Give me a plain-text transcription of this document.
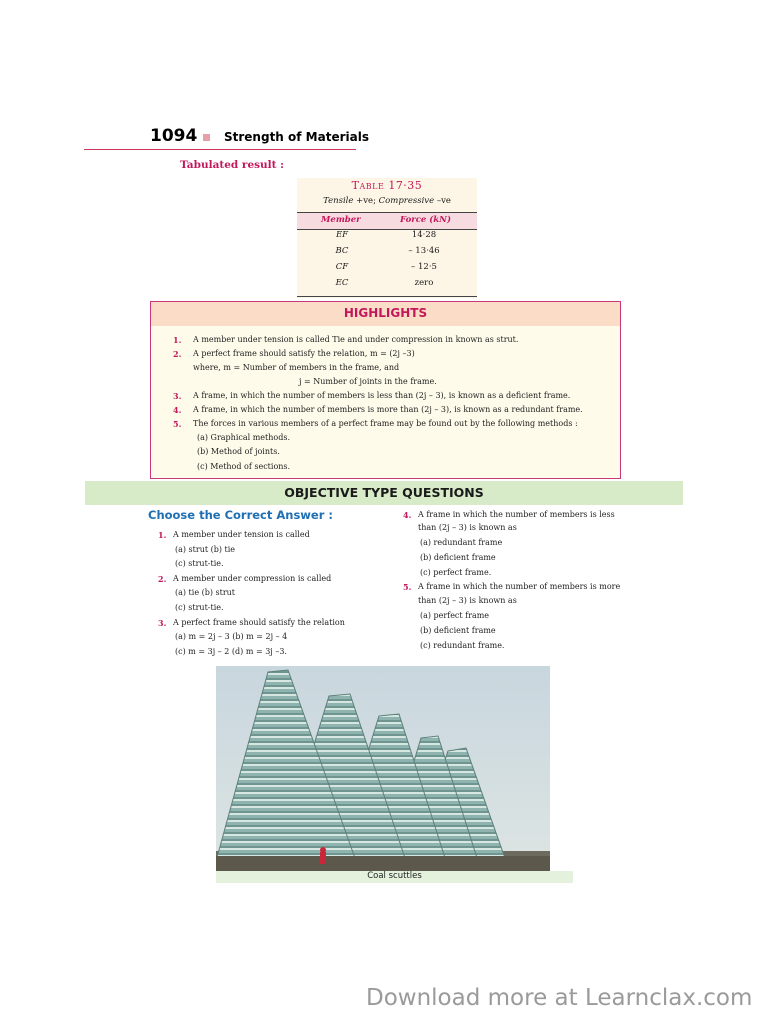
1094 Strength of Materials
Tabulated result :
Table 17·35
Tensile +ve; Compressive –ve
Member	Force (kN)
EF	14·28
BC	– 13·46
CF	– 12·5
EC	zero
HIGHLIGHTS
1. A member under tension is called Tie and under compression in known as strut.
2. A perfect frame should satisfy the relation, m = (2j –3)
where, m = Number of members in the frame, and
j = Number of joints in the frame.
3. A frame, in which the number of members is less than (2j – 3), is known as a deficient frame.
4. A frame, in which the number of members is more than (2j – 3), is known as a redundant frame.
5. The forces in various members of a perfect frame may be found out by the following methods :
(a) Graphical methods.
(b) Method of joints.
(c) Method of sections.
OBJECTIVE TYPE QUESTIONS
Choose the Correct Answer :
1. A member under tension is called
(a) strut (b) tie
(c) strut-tie.
2. A member under compression is called
(a) tie (b) strut
(c) strut-tie.
3. A perfect frame should satisfy the relation
(a) m = 2j – 3 (b) m = 2j – 4
(c) m = 3j – 2 (d) m = 3j –3.
4. A frame in which the number of members is less
than (2j – 3) is known as
(a) redundant frame
(b) deficient frame
(c) perfect frame.
5. A frame in which the number of members is more
than (2j – 3) is known as
(a) perfect frame
(b) deficient frame
(c) redundant frame.
Coal scuttles
Download more at Learnclax.com
